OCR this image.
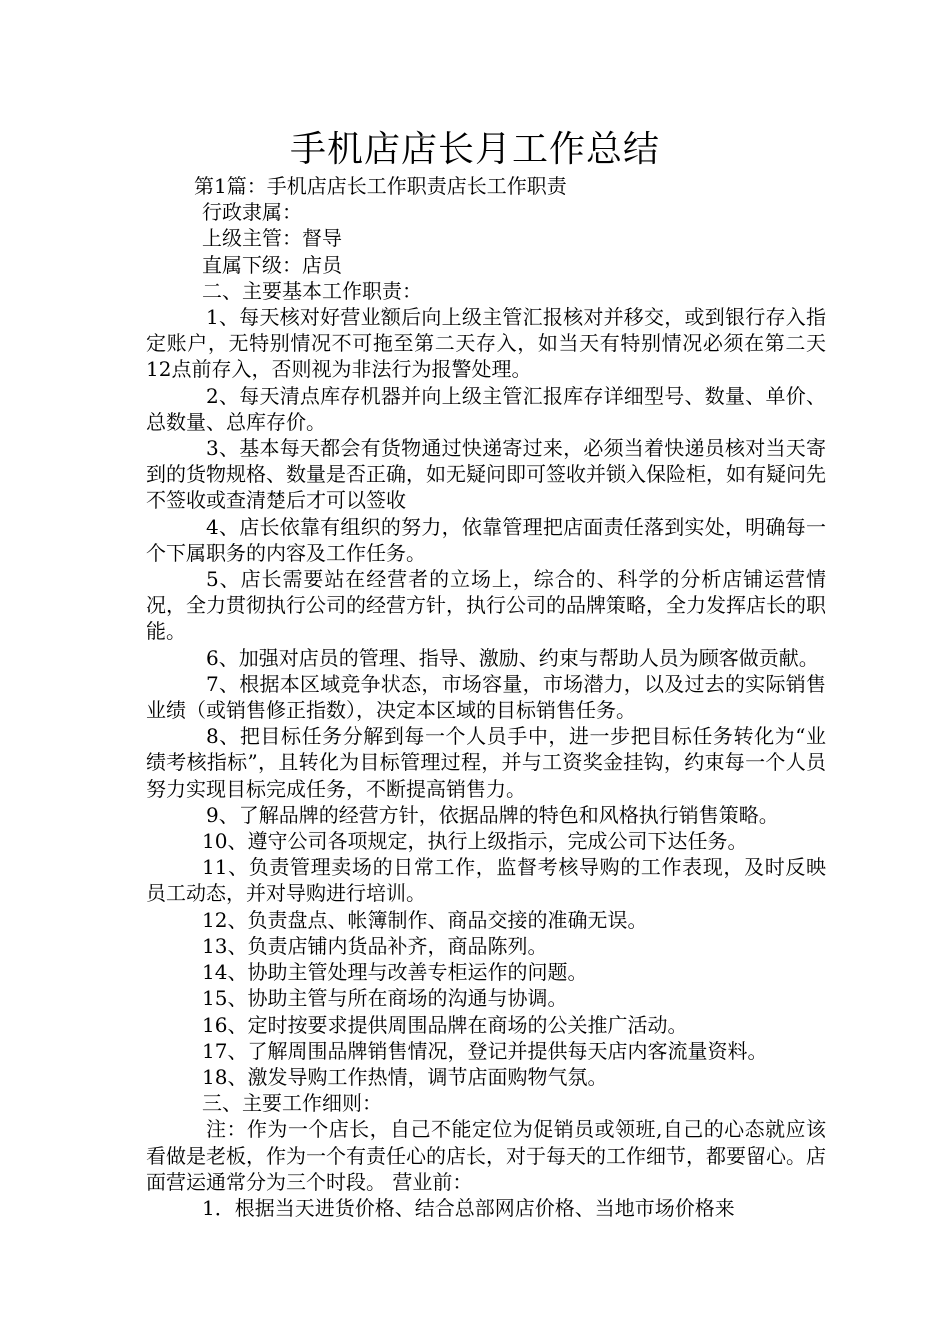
手机店店长月工作总结

第1篇：手机店店长工作职责店长工作职责

行政隶属：

上级主管：督导

直属下级：店员

二、主要基本工作职责：

1、每天核对好营业额后向上级主管汇报核对并移交，或到银行存入指定账户，无特别情况不可拖至第二天存入，如当天有特别情况必须在第二天12点前存入，否则视为非法行为报警处理。

2、每天清点库存机器并向上级主管汇报库存详细型号、数量、单价、总数量、总库存价。

3、基本每天都会有货物通过快递寄过来，必须当着快递员核对当天寄到的货物规格、数量是否正确，如无疑问即可签收并锁入保险柜，如有疑问先不签收或查清楚后才可以签收

4、店长依靠有组织的努力，依靠管理把店面责任落到实处，明确每一个下属职务的内容及工作任务。

5、店长需要站在经营者的立场上，综合的、科学的分析店铺运营情况，全力贯彻执行公司的经营方针，执行公司的品牌策略，全力发挥店长的职能。

6、加强对店员的管理、指导、激励、约束与帮助人员为顾客做贡献。

7、根据本区域竞争状态，市场容量，市场潜力，以及过去的实际销售业绩（或销售修正指数），决定本区域的目标销售任务。

8、把目标任务分解到每一个人员手中，进一步把目标任务转化为“业绩考核指标”，且转化为目标管理过程，并与工资奖金挂钩，约束每一个人员努力实现目标完成任务，不断提高销售力。

9、了解品牌的经营方针，依据品牌的特色和风格执行销售策略。

10、遵守公司各项规定，执行上级指示，完成公司下达任务。

11、负责管理卖场的日常工作，监督考核导购的工作表现，及时反映员工动态，并对导购进行培训。

12、负责盘点、帐簿制作、商品交接的准确无误。

13、负责店铺内货品补齐，商品陈列。

14、协助主管处理与改善专柜运作的问题。

15、协助主管与所在商场的沟通与协调。

16、定时按要求提供周围品牌在商场的公关推广活动。

17、了解周围品牌销售情况，登记并提供每天店内客流量资料。

18、激发导购工作热情，调节店面购物气氛。

三、主要工作细则：

注：作为一个店长，自己不能定位为促销员或领班,自己的心态就应该看做是老板，作为一个有责任心的店长，对于每天的工作细节，都要留心。店面营运通常分为三个时段。 营业前：

1．根据当天进货价格、结合总部网店价格、当地市场价格来
